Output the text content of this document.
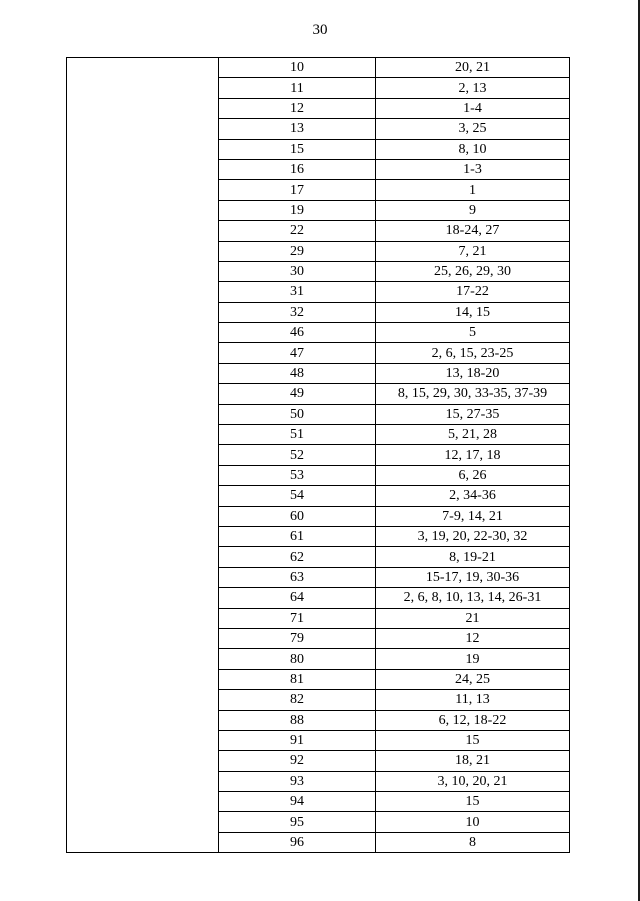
30
	10	20, 21
	11	2, 13
	12	1-4
	13	3, 25
	15	8, 10
	16	1-3
	17	1
	19	9
	22	18-24, 27
	29	7, 21
	30	25, 26, 29, 30
	31	17-22
	32	14, 15
	46	5
	47	2, 6, 15, 23-25
	48	13, 18-20
	49	8, 15, 29, 30, 33-35, 37-39
	50	15, 27-35
	51	5, 21, 28
	52	12, 17, 18
	53	6, 26
	54	2, 34-36
	60	7-9, 14, 21
	61	3, 19, 20, 22-30, 32
	62	8, 19-21
	63	15-17, 19, 30-36
	64	2, 6, 8, 10, 13, 14, 26-31
	71	21
	79	12
	80	19
	81	24, 25
	82	11, 13
	88	6, 12, 18-22
	91	15
	92	18, 21
	93	3, 10, 20, 21
	94	15
	95	10
	96	8
